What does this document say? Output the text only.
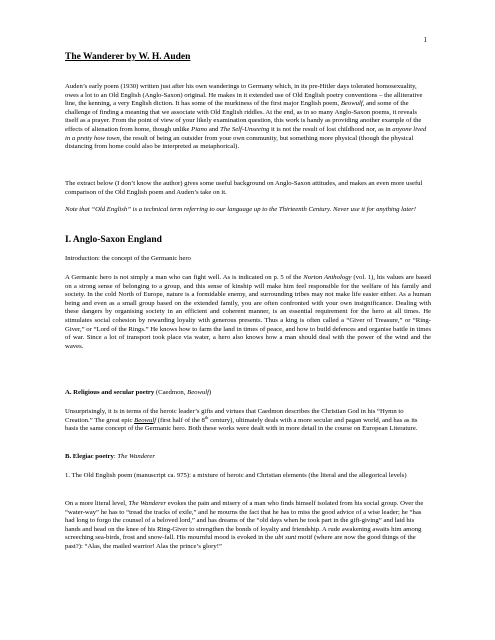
1
The Wanderer by W. H. Auden

Auden’s early poem (1930) written just after his own wanderings to Germany which, in its pre-Hitler days tolerated homosexuality, owes a lot to an Old English (Anglo-Saxon) original. He makes in it extended use of Old English poetry conventions – the alliterative line, the kenning, a very English diction. It has some of the murkiness of the first major English poem, Beowulf, and some of the challenge of finding a meaning that we associate with Old English riddles. At the end, as in so many Anglo-Saxon poems, it reveals itself as a prayer. From the point of view of your likely examination question, this work is handy as providing another example of the effects of alienation from home, though unlike Piano and The Self-Unseeing it is not the result of lost childhood nor, as in anyone lived in a pretty how town, the result of being an outsider from your own community, but something more physical (though the physical distancing from home could also be interpreted as metaphorical).

The extract below (I don’t know the author) gives some useful background on Anglo-Saxon attitudes, and makes an even more useful comparison of the Old English poem and Auden’s take on it.

Note that “Old English” is a technical term referring to our language up to the Thirteenth Century. Never use it for anything later!

I. Anglo-Saxon England

Introduction: the concept of the Germanic hero

A Germanic hero is not simply a man who can fight well. As is indicated on p. 5 of the Norton Anthology (vol. 1), his values are based on a strong sense of belonging to a group, and this sense of kinship will make him feel responsible for the welfare of his family and society. In the cold North of Europe, nature is a formidable enemy, and surrounding tribes may not make life easier either. As a human being and even as a small group based on the extended family, you are often confronted with your own insignificance. Dealing with these dangers by organising society in an efficient and coherent manner, is an essential requirement for the hero at all times. He stimulates social cohesion by rewarding loyalty with generous presents. Thus a king is often called a “Giver of Treasure,” or “Ring-Giver,” or “Lord of the Rings.” He knows how to farm the land in times of peace, and how to build defences and organise battle in times of war. Since a lot of transport took place via water, a hero also knows how a man should deal with the power of the wind and the waves.

A. Religious and secular poetry (Caedmon, Beowulf)

Unsurprisingly, it is in terms of the heroic leader’s gifts and virtues that Caedmon describes the Christian God in his “Hymn to Creation.” The great epic Beowulf (first half of the 8th century), ultimately deals with a more secular and pagan world, and has as its basis the same concept of the Germanic hero. Both these works were dealt with in more detail in the course on European Literature.

B. Elegiac poetry: The Wanderer

1. The Old English poem (manuscript ca. 975): a mixture of heroic and Christian elements (the literal and the allegorical levels)

On a more literal level, The Wanderer evokes the pain and misery of a man who finds himself isolated from his social group. Over the “water-way” he has to “tread the tracks of exile,” and he mourns the fact that he has to miss the good advice of a wise leader; he “has had long to forgo the counsel of a beloved lord,” and has dreams of the “old days when he took part in the gift-giving” and laid his hands and head on the knee of his Ring-Giver to strengthen the bonds of loyalty and friendship. A rude awakening awaits him among screeching sea-birds, frost and snow-fall. His mournful mood is evoked in the ubi sunt motif (where are now the good things of the past?): “Alas, the mailed warrior! Alas the prince’s glory!”
